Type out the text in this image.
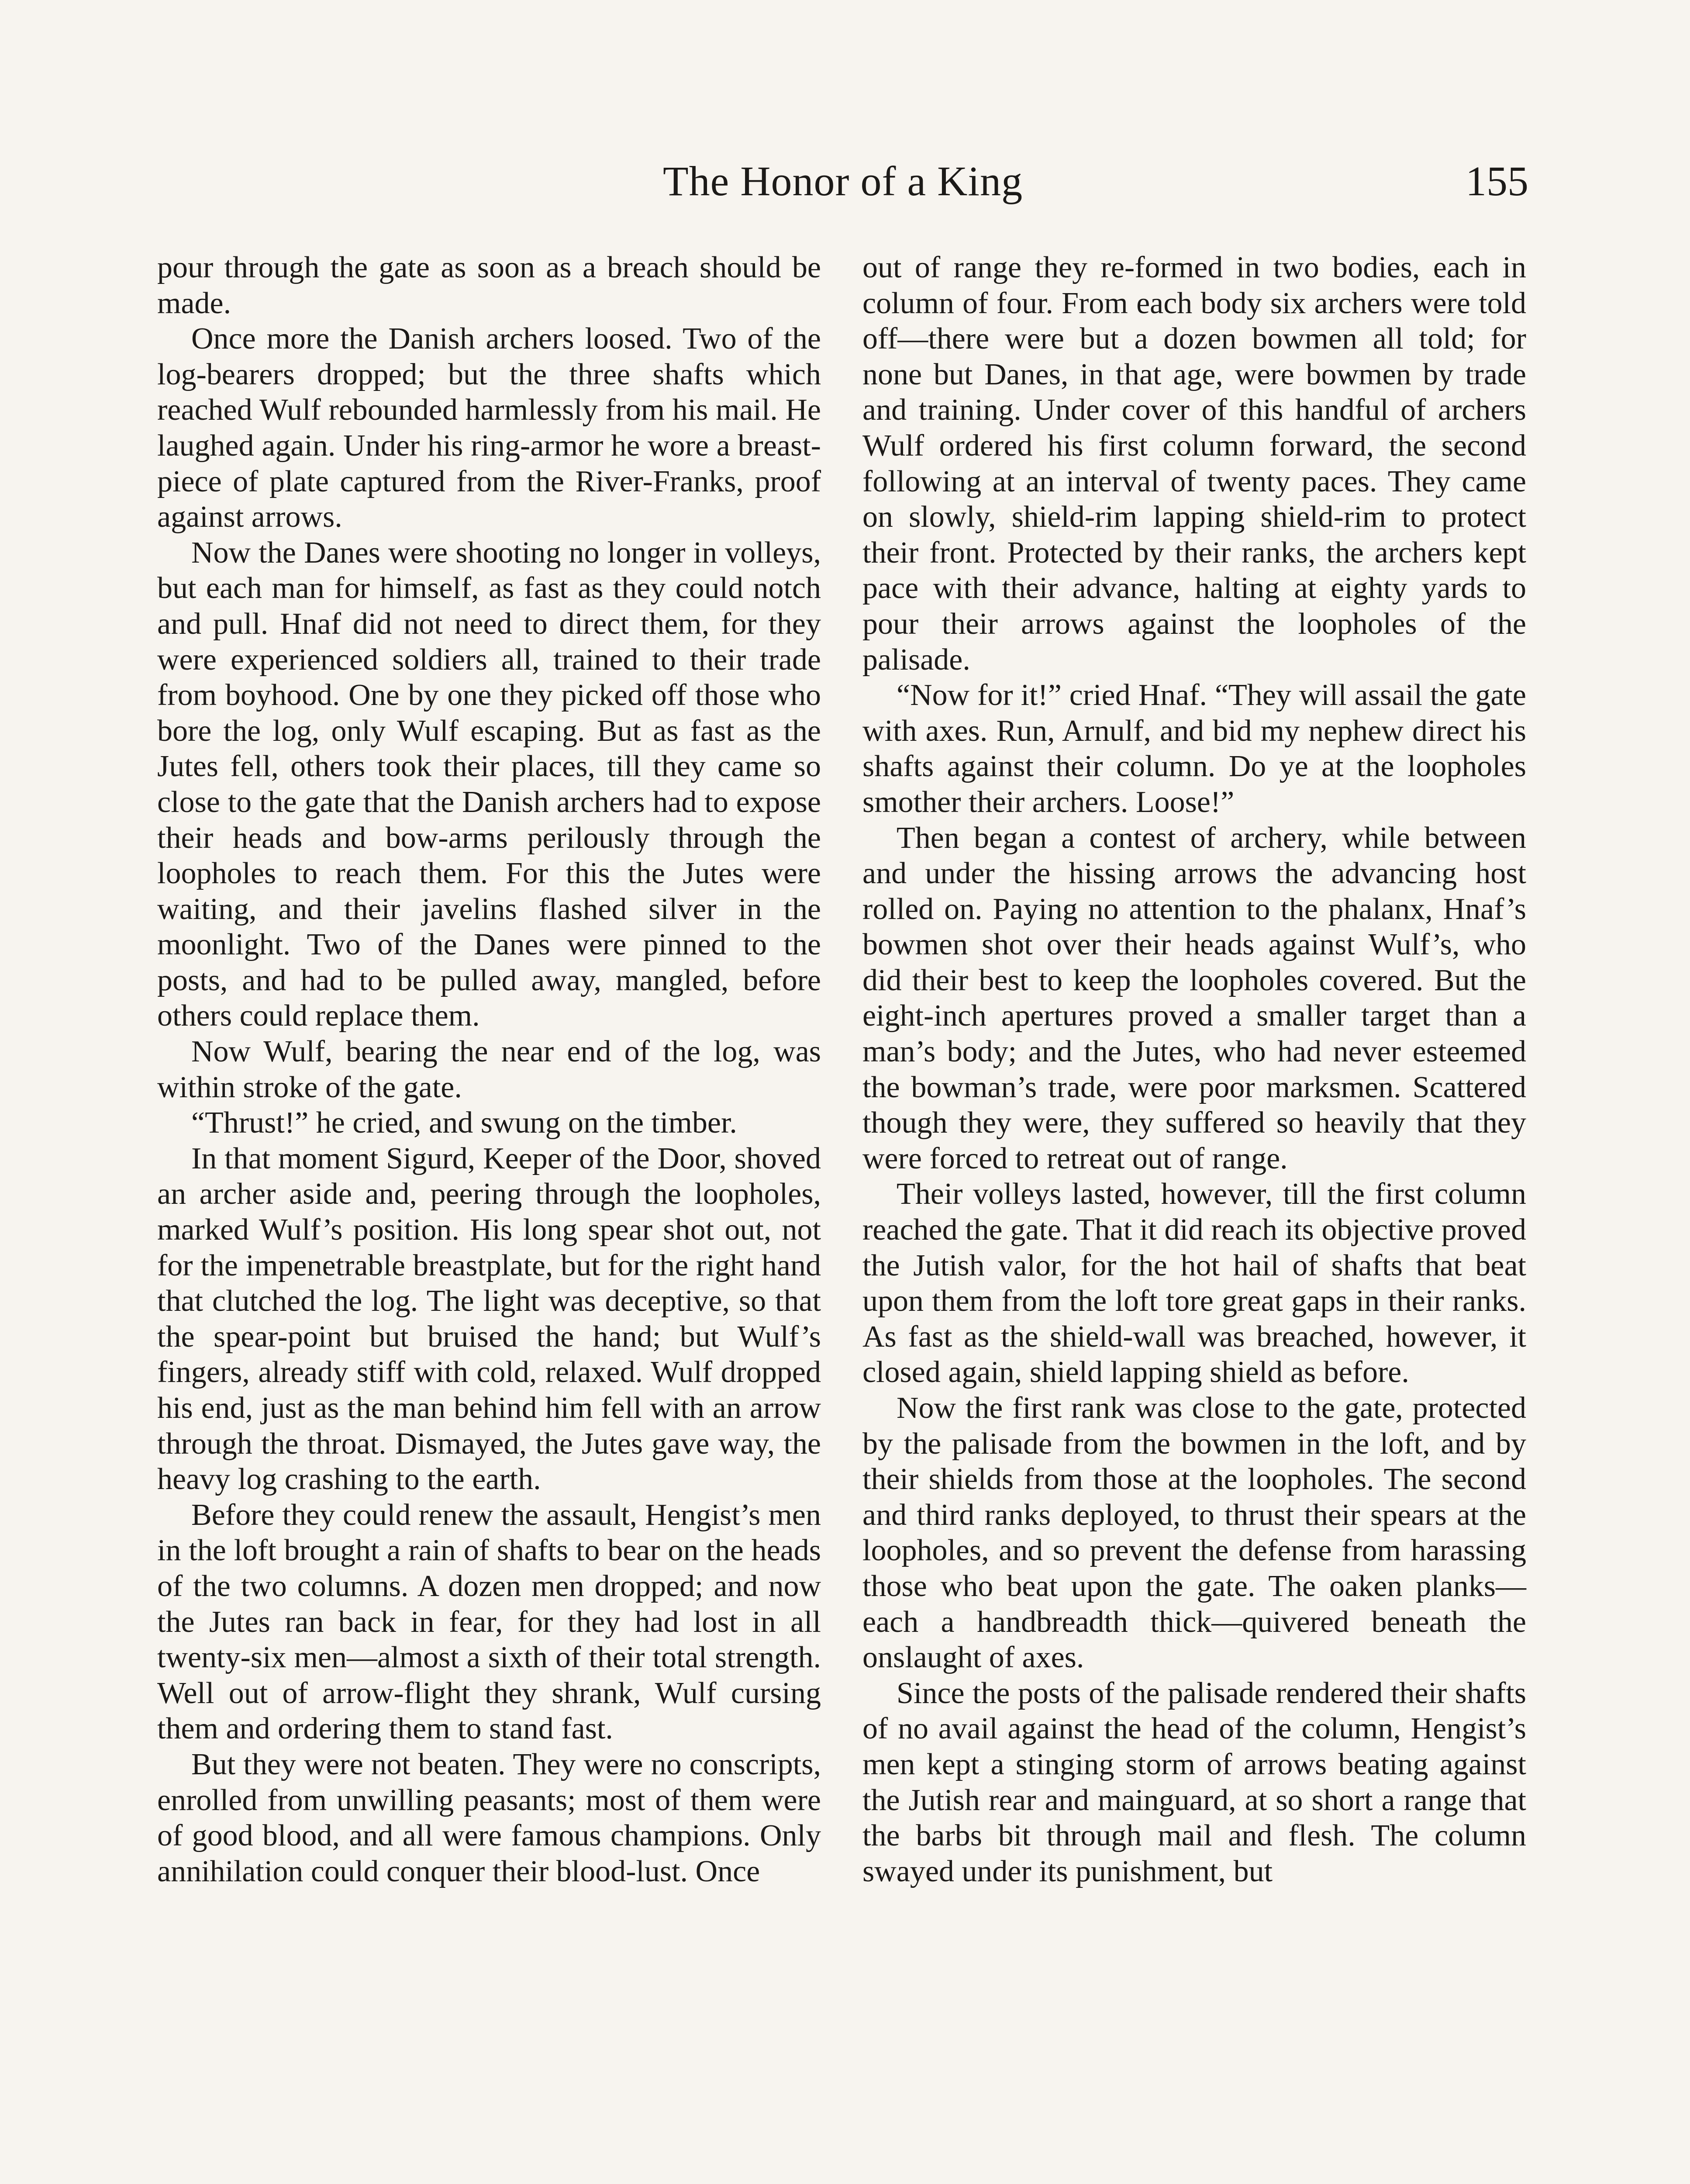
The Honor of a King	155

pour through the gate as soon as a breach should be made.

Once more the Danish archers loosed. Two of the log-bearers dropped; but the three shafts which reached Wulf rebounded harmlessly from his mail. He laughed again. Under his ring-armor he wore a breast-piece of plate captured from the River-Franks, proof against arrows.

Now the Danes were shooting no longer in volleys, but each man for himself, as fast as they could notch and pull. Hnaf did not need to direct them, for they were experienced soldiers all, trained to their trade from boyhood. One by one they picked off those who bore the log, only Wulf escaping. But as fast as the Jutes fell, others took their places, till they came so close to the gate that the Danish archers had to expose their heads and bow-arms perilously through the loopholes to reach them. For this the Jutes were waiting, and their javelins flashed silver in the moonlight. Two of the Danes were pinned to the posts, and had to be pulled away, mangled, before others could replace them.

Now Wulf, bearing the near end of the log, was within stroke of the gate.

“Thrust!” he cried, and swung on the timber.

In that moment Sigurd, Keeper of the Door, shoved an archer aside and, peering through the loopholes, marked Wulf’s position. His long spear shot out, not for the impenetrable breastplate, but for the right hand that clutched the log. The light was deceptive, so that the spear-point but bruised the hand; but Wulf’s fingers, already stiff with cold, relaxed. Wulf dropped his end, just as the man behind him fell with an arrow through the throat. Dismayed, the Jutes gave way, the heavy log crashing to the earth.

Before they could renew the assault, Hengist’s men in the loft brought a rain of shafts to bear on the heads of the two columns. A dozen men dropped; and now the Jutes ran back in fear, for they had lost in all twenty-six men—almost a sixth of their total strength. Well out of arrow-flight they shrank, Wulf cursing them and ordering them to stand fast.

But they were not beaten. They were no conscripts, enrolled from unwilling peasants; most of them were of good blood, and all were famous champions. Only annihilation could conquer their blood-lust. Once

out of range they re-formed in two bodies, each in column of four. From each body six archers were told off—there were but a dozen bowmen all told; for none but Danes, in that age, were bowmen by trade and training. Under cover of this handful of archers Wulf ordered his first column forward, the second following at an interval of twenty paces. They came on slowly, shield-rim lapping shield-rim to protect their front. Protected by their ranks, the archers kept pace with their advance, halting at eighty yards to pour their arrows against the loopholes of the palisade.

“Now for it!” cried Hnaf. “They will assail the gate with axes. Run, Arnulf, and bid my nephew direct his shafts against their column. Do ye at the loopholes smother their archers. Loose!”

Then began a contest of archery, while between and under the hissing arrows the advancing host rolled on. Paying no attention to the phalanx, Hnaf’s bowmen shot over their heads against Wulf’s, who did their best to keep the loopholes covered. But the eight-inch apertures proved a smaller target than a man’s body; and the Jutes, who had never esteemed the bowman’s trade, were poor marksmen. Scattered though they were, they suffered so heavily that they were forced to retreat out of range.

Their volleys lasted, however, till the first column reached the gate. That it did reach its objective proved the Jutish valor, for the hot hail of shafts that beat upon them from the loft tore great gaps in their ranks. As fast as the shield-wall was breached, however, it closed again, shield lapping shield as before.

Now the first rank was close to the gate, protected by the palisade from the bowmen in the loft, and by their shields from those at the loopholes. The second and third ranks deployed, to thrust their spears at the loopholes, and so prevent the defense from harassing those who beat upon the gate. The oaken planks—each a handbreadth thick—quivered beneath the onslaught of axes.

Since the posts of the palisade rendered their shafts of no avail against the head of the column, Hengist’s men kept a stinging storm of arrows beating against the Jutish rear and mainguard, at so short a range that the barbs bit through mail and flesh. The column swayed under its punishment, but
